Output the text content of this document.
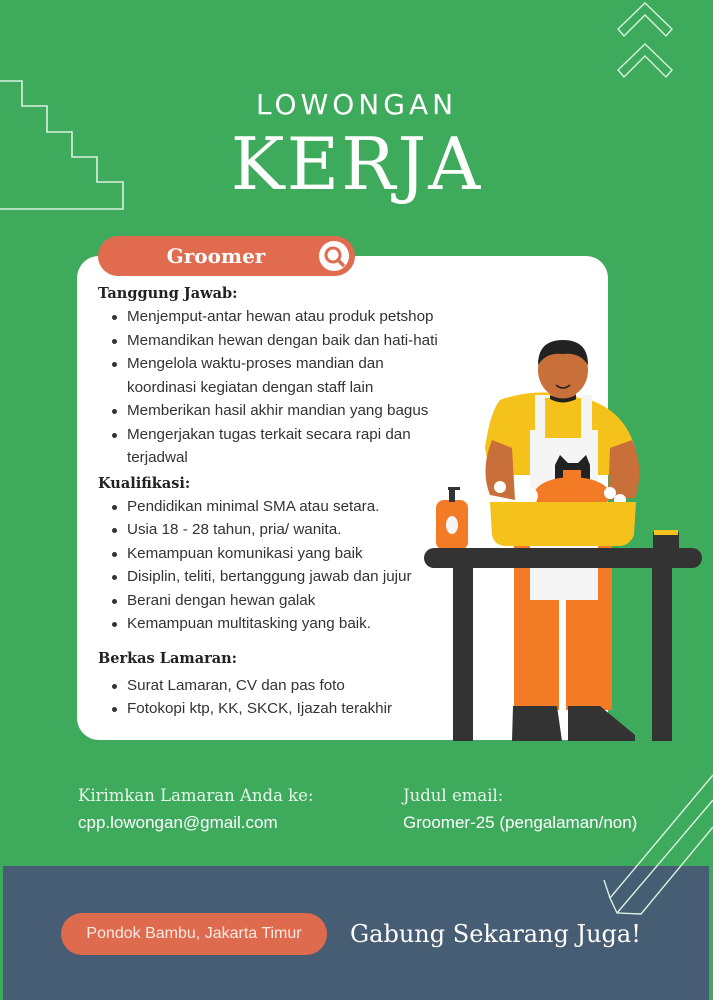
LOWONGAN
KERJA
Groomer
Tanggung Jawab:
Menjemput-antar hewan atau produk petshop
Memandikan hewan dengan baik dan hati-hati
Mengelola waktu-proses mandian dan koordinasi kegiatan dengan staff lain
Memberikan hasil akhir mandian yang bagus
Mengerjakan tugas terkait secara rapi dan terjadwal
Kualifikasi:
Pendidikan minimal SMA atau setara.
Usia 18 - 28 tahun, pria/ wanita.
Kemampuan komunikasi yang baik
Disiplin, teliti, bertanggung jawab dan jujur
Berani dengan hewan galak
Kemampuan multitasking yang baik.
Berkas Lamaran:
Surat Lamaran, CV dan pas foto
Fotokopi ktp, KK, SKCK, Ijazah terakhir
Kirimkan Lamaran Anda ke:
cpp.lowongan@gmail.com
Judul email:
Groomer-25 (pengalaman/non)
Pondok Bambu, Jakarta Timur	Gabung Sekarang Juga!
